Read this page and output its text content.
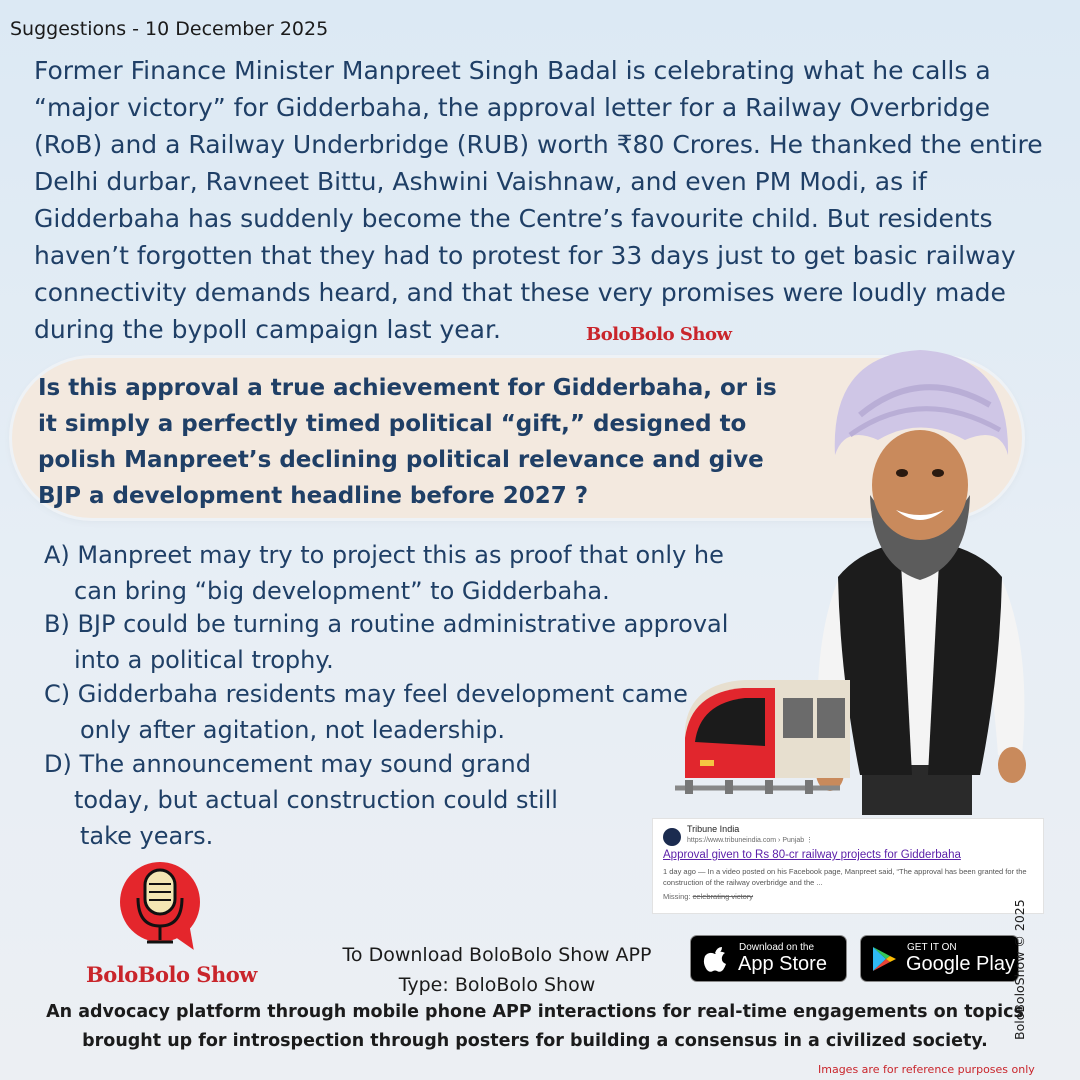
Suggestions - 10 December 2025
Former Finance Minister Manpreet Singh Badal is celebrating what he calls a “major victory” for Gidderbaha, the approval letter for a Railway Overbridge (RoB) and a Railway Underbridge (RUB) worth ₹80 Crores. He thanked the entire Delhi durbar, Ravneet Bittu, Ashwini Vaishnaw, and even PM Modi, as if Gidderbaha has suddenly become the Centre’s favourite child. But residents haven’t forgotten that they had to protest for 33 days just to get basic railway connectivity demands heard, and that these very promises were loudly made during the bypoll campaign last year.	BoloBolo Show
Is this approval a true achievement for Gidderbaha, or is it simply a perfectly timed political “gift,” designed to polish Manpreet’s declining political relevance and give BJP a development headline before 2027 ?
A) Manpreet may try to project this as proof that only he
can bring “big development” to Gidderbaha.
B) BJP could be turning a routine administrative approval
into a political trophy.
C) Gidderbaha residents may feel development came
only after agitation, not leadership.
D) The announcement may sound grand
today, but actual construction could still
take years.	Tribune India
https://www.tribuneindia.com › Punjab ⋮
Approval given to Rs 80-cr railway projects for Gidderbaha
1 day ago — In a video posted on his Facebook page, Manpreet said, “The approval has been granted for the construction of the railway overbridge and the ...
Missing: celebrating victory
BoloBolo Show
To Download BoloBolo Show APP
Type: BoloBolo Show
Download on the
App Store
GET IT ON
Google Play
An advocacy platform through mobile phone APP interactions for real-time engagements on topics brought up for introspection through posters for building a consensus in a civilized society.
BoloBoloShow © 2025
Images are for reference purposes only
